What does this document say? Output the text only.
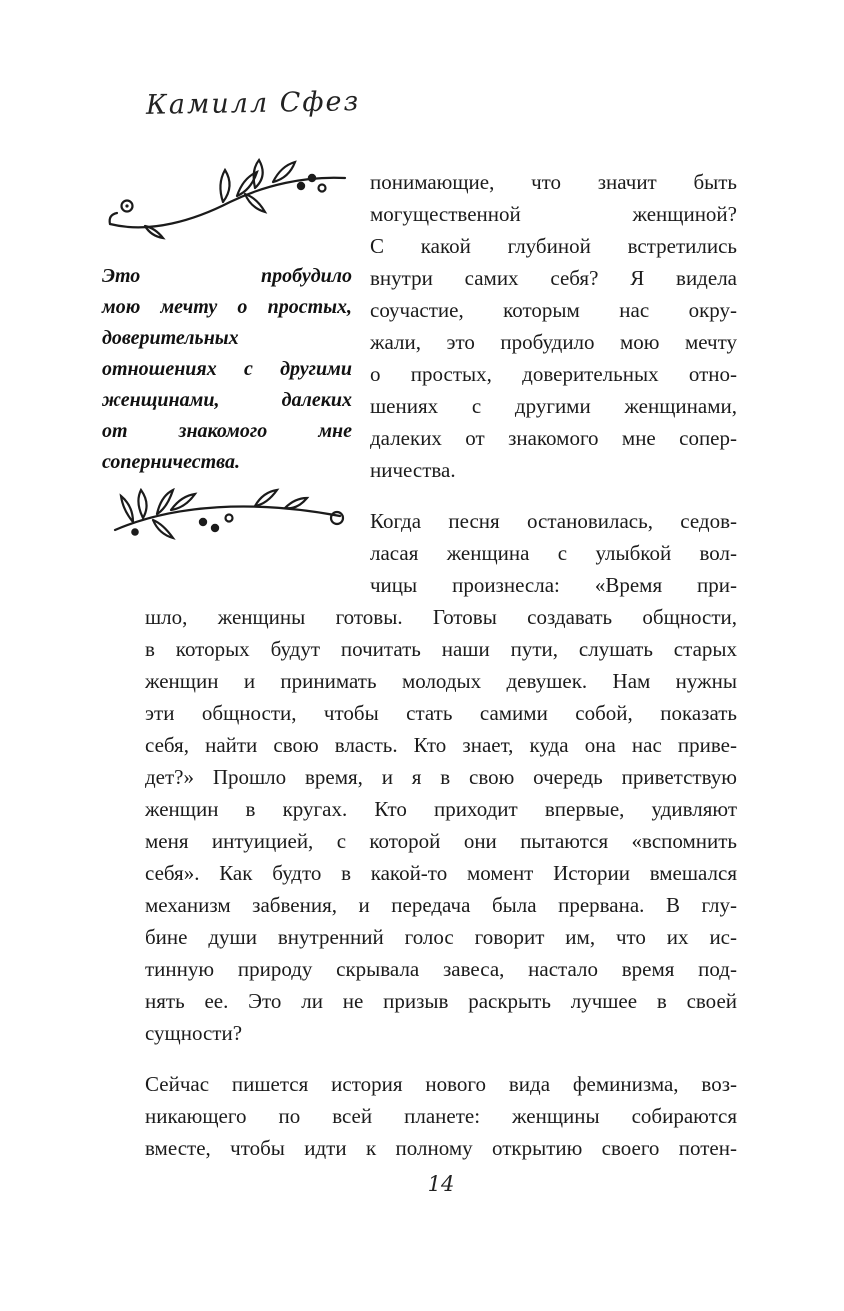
Камилл Сфез
Это пробудило
мою мечту о простых,
доверительных
отношениях с другими
женщинами, далеких
от знакомого мне
соперничества.
понимающие, что значит быть
могущественной женщиной?
С какой глубиной встретились
внутри самих себя? Я видела
соучастие, которым нас окру-
жали, это пробудило мою мечту
о простых, доверительных отно-
шениях с другими женщинами,
далеких от знакомого мне сопер-
ничества.
Когда песня остановилась, седов-
ласая женщина с улыбкой вол-
чицы произнесла: «Время при-
шло, женщины готовы. Готовы создавать общности,
в которых будут почитать наши пути, слушать старых
женщин и принимать молодых девушек. Нам нужны
эти общности, чтобы стать самими собой, показать
себя, найти свою власть. Кто знает, куда она нас приве-
дет?» Прошло время, и я в свою очередь приветствую
женщин в кругах. Кто приходит впервые, удивляют
меня интуицией, с которой они пытаются «вспомнить
себя». Как будто в какой-то момент Истории вмешался
механизм забвения, и передача была прервана. В глу-
бине души внутренний голос говорит им, что их ис-
тинную природу скрывала завеса, настало время под-
нять ее. Это ли не призыв раскрыть лучшее в своей
сущности?
Сейчас пишется история нового вида феминизма, воз-
никающего по всей планете: женщины собираются
вместе, чтобы идти к полному открытию своего потен-
14
